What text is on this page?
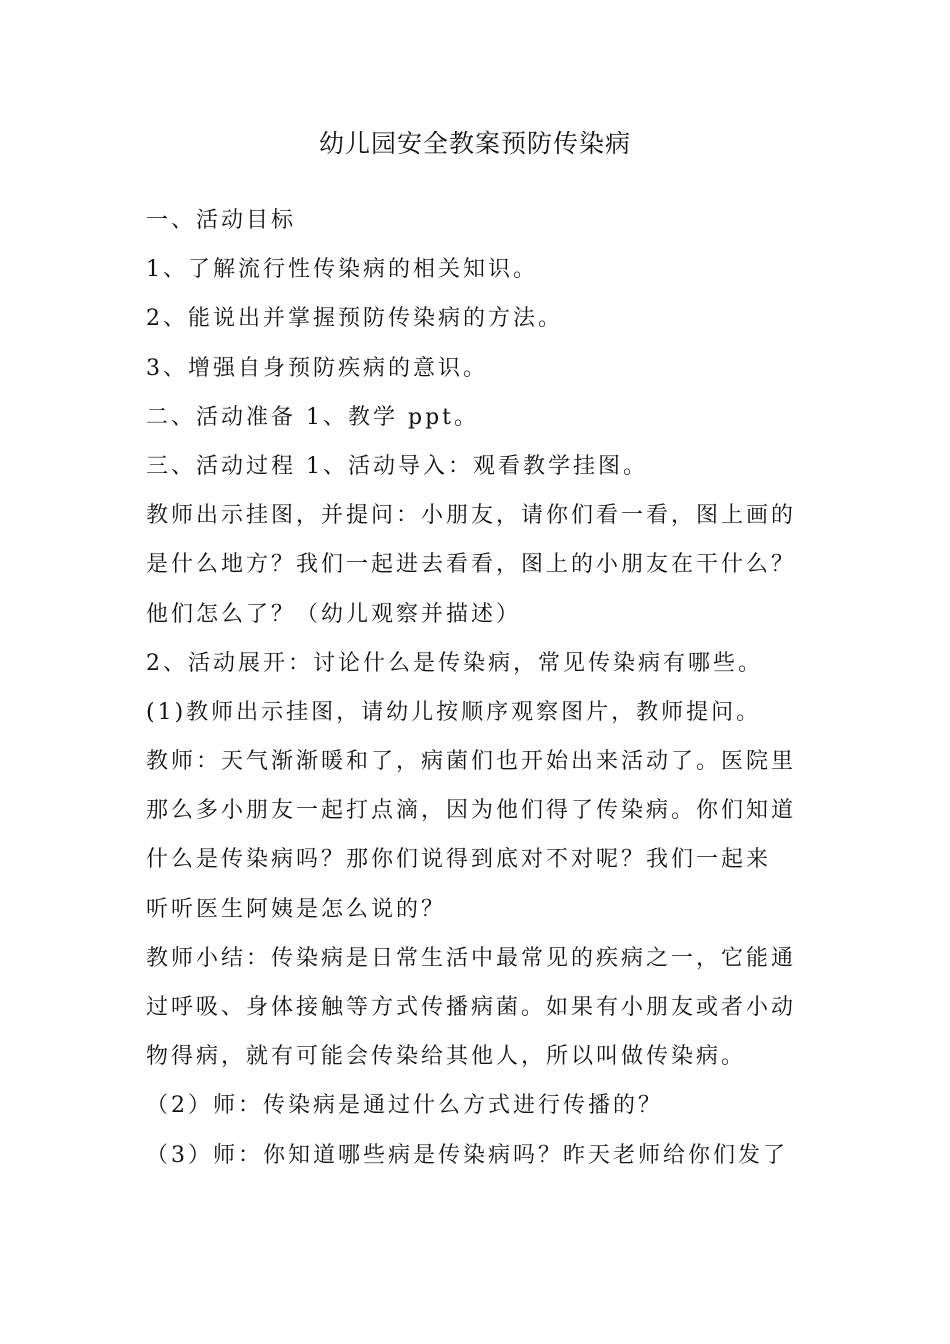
幼儿园安全教案预防传染病
一、活动目标
1、了解流行性传染病的相关知识。
2、能说出并掌握预防传染病的方法。
3、增强自身预防疾病的意识。
二、活动准备 1、教学 ppt。
三、活动过程 1、活动导入：观看教学挂图。
教师出示挂图，并提问：小朋友，请你们看一看，图上画的
是什么地方？我们一起进去看看，图上的小朋友在干什么？
他们怎么了？（幼儿观察并描述）
2、活动展开：讨论什么是传染病，常见传染病有哪些。
(1)教师出示挂图，请幼儿按顺序观察图片，教师提问。
教师：天气渐渐暖和了，病菌们也开始出来活动了。医院里
那么多小朋友一起打点滴，因为他们得了传染病。你们知道
什么是传染病吗？那你们说得到底对不对呢？我们一起来
听听医生阿姨是怎么说的？
教师小结：传染病是日常生活中最常见的疾病之一，它能通
过呼吸、身体接触等方式传播病菌。如果有小朋友或者小动
物得病，就有可能会传染给其他人，所以叫做传染病。
（2）师：传染病是通过什么方式进行传播的？
（3）师：你知道哪些病是传染病吗？昨天老师给你们发了
